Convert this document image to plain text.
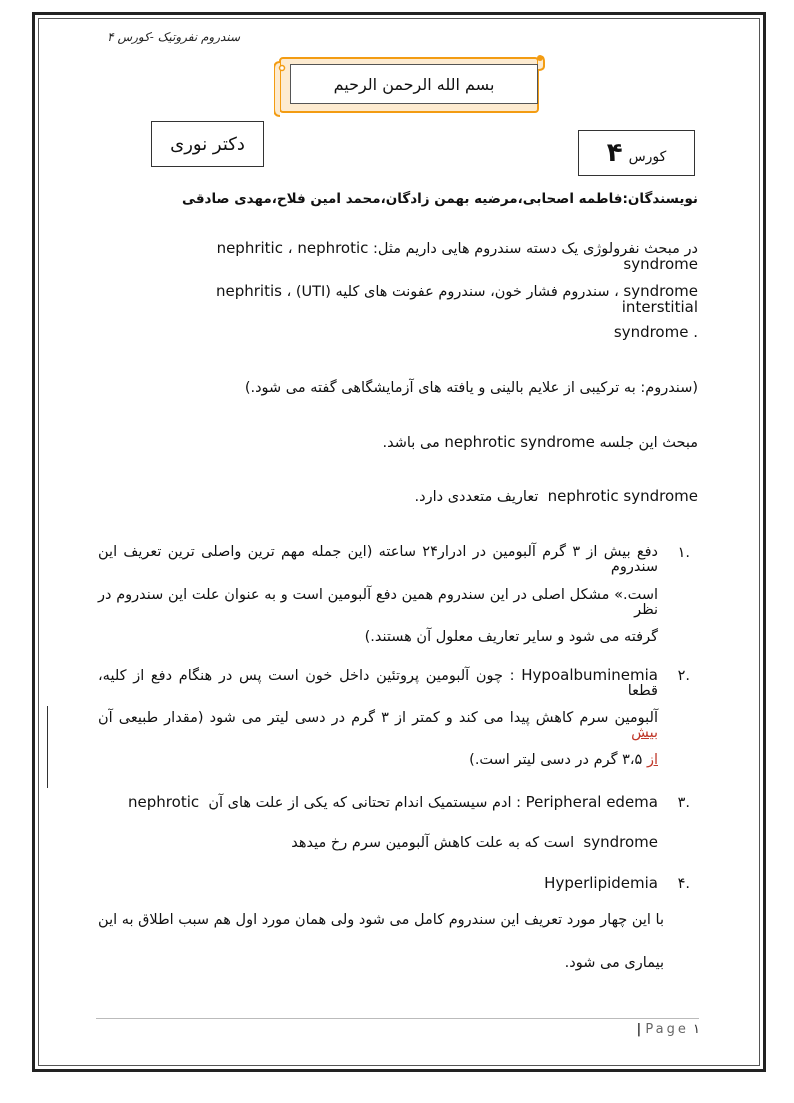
سندروم نفروتیک -کورس ۴
بسم الله الرحمن الرحیم
دکتر نوری
کورس
۴
نویسندگان:فاطمه اصحابی،مرضیه بهمن زادگان،محمد امین فلاح،مهدی صادقی
در مبحث نفرولوژی یک دسته سندروم هایی داریم مثل: nephritic ، nephrotic syndrome
syndrome ، سندروم فشار خون، سندروم عفونت های کلیه (UTI) ، nephritis interstitial
. syndrome
(سندروم: به ترکیبی از علایم بالینی و یافته های آزمایشگاهی گفته می شود.)
مبحث این جلسه nephrotic syndrome می باشد.
nephrotic syndrome  تعاریف متعددی دارد.
.۱
دفع بیش از ۳ گرم آلبومین در ادرار۲۴ ساعته (این جمله مهم ترین واصلی ترین تعریف این سندروم
است.» مشکل اصلی در این سندروم همین دفع آلبومین است و به عنوان علت این سندروم در نظر
گرفته می شود و سایر تعاریف معلول آن هستند.)
.۲
Hypoalbuminemia : چون آلبومین پروتئین داخل خون است پس در هنگام دفع از کلیه، قطعا
آلبومین سرم کاهش پیدا می کند و کمتر از ۳ گرم در دسی لیتر می شود (مقدار طبیعی آن بیش
از ۳،۵ گرم در دسی لیتر است.)
.۳
Peripheral edema : ادم سیستمیک اندام تحتانی که یکی از علت های آن  nephrotic
syndrome  است که به علت کاهش آلبومین سرم رخ میدهد
.۴
Hyperlipidemia
با این چهار مورد تعریف این سندروم کامل می شود ولی همان مورد اول هم سبب اطلاق به این
بیماری می شود.
| Page ۱
